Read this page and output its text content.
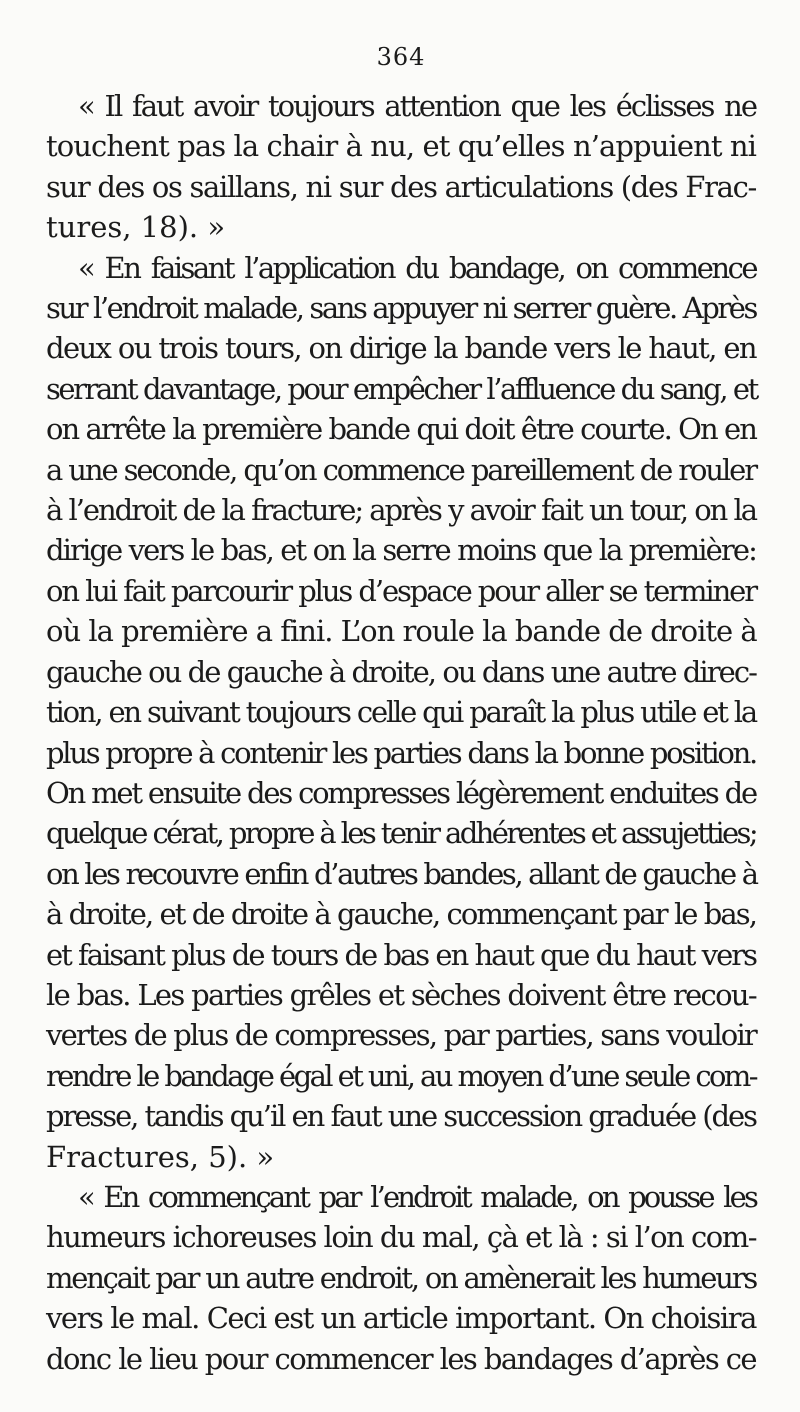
364

« Il faut avoir toujours attention que les éclisses ne
touchent pas la chair à nu, et qu’elles n’appuient ni
sur des os saillans, ni sur des articulations (des Frac-
tures, 18). »

« En faisant l’application du bandage, on commence
sur l’endroit malade, sans appuyer ni serrer guère. Après
deux ou trois tours, on dirige la bande vers le haut, en
serrant davantage, pour empêcher l’affluence du sang, et
on arrête la première bande qui doit être courte. On en
a une seconde, qu’on commence pareillement de rouler
à l’endroit de la fracture; après y avoir fait un tour, on la
dirige vers le bas, et on la serre moins que la première:
on lui fait parcourir plus d’espace pour aller se terminer
où la première a fini. L’on roule la bande de droite à
gauche ou de gauche à droite, ou dans une autre direc-
tion, en suivant toujours celle qui paraît la plus utile et la
plus propre à contenir les parties dans la bonne position.
On met ensuite des compresses légèrement enduites de
quelque cérat, propre à les tenir adhérentes et assujetties;
on les recouvre enfin d’autres bandes, allant de gauche à
à droite, et de droite à gauche, commençant par le bas,
et faisant plus de tours de bas en haut que du haut vers
le bas. Les parties grêles et sèches doivent être recou-
vertes de plus de compresses, par parties, sans vouloir
rendre le bandage égal et uni, au moyen d’une seule com-
presse, tandis qu’il en faut une succession graduée (des
Fractures, 5). »

« En commençant par l’endroit malade, on pousse les
humeurs ichoreuses loin du mal, çà et là : si l’on com-
mençait par un autre endroit, on amènerait les humeurs
vers le mal. Ceci est un article important. On choisira
donc le lieu pour commencer les bandages d’après ce
